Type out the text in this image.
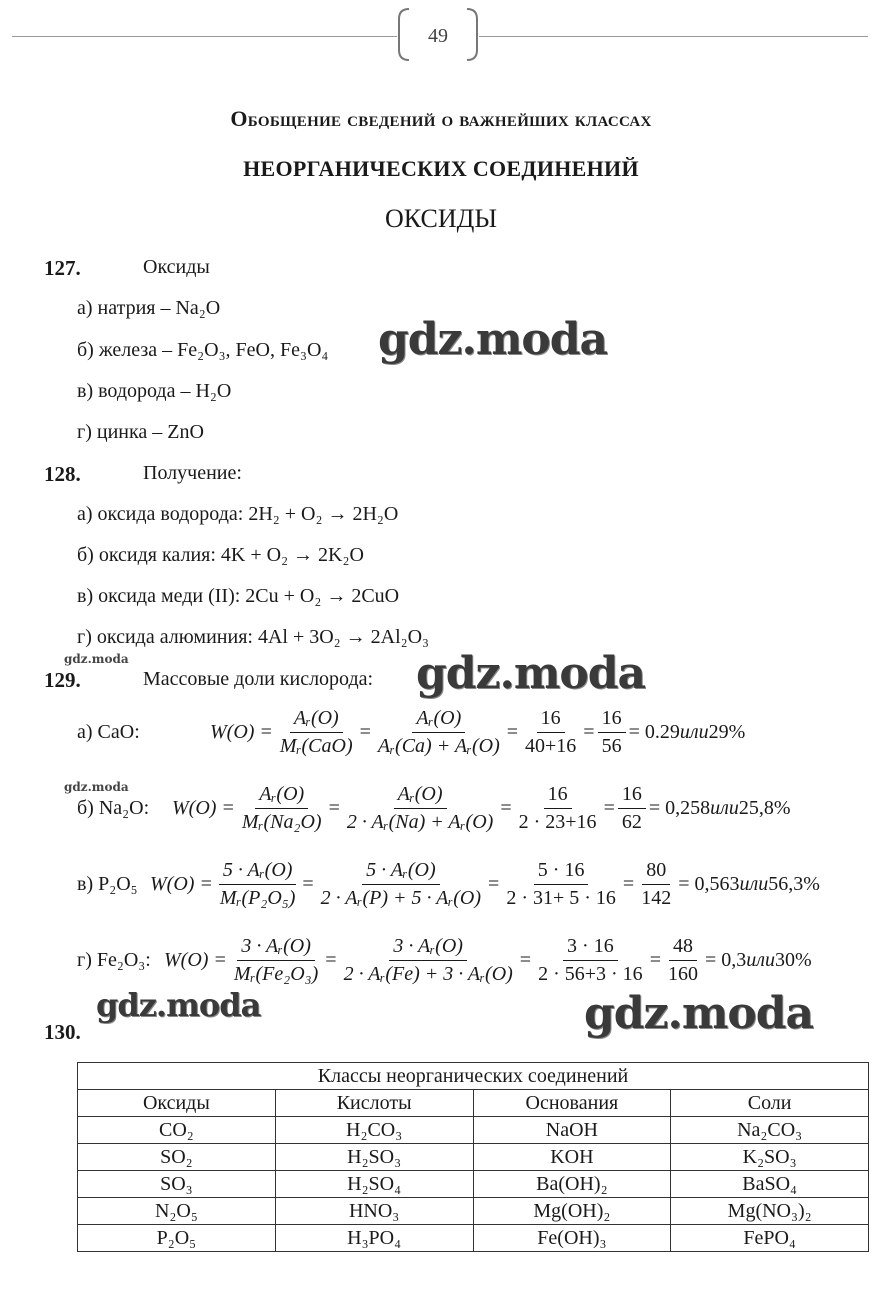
49
Обобщение сведений о важнейших классах
НЕОРГАНИЧЕСКИХ СОЕДИНЕНИЙ
ОКСИДЫ
127.	Оксиды
а) натрия – Na₂O
б) железа – Fe₂O₃, FeO, Fe₃O₄
в) водорода – H₂O
г) цинка – ZnO
gdz.moda
128.	Получение:
а) оксида водорода: 2H₂ + O₂ → 2H₂O
б) оксидя калия: 4K + O₂ → 2K₂O
в) оксида меди (II): 2Cu + O₂ → 2CuO
г) оксида алюминия: 4Al + 3O₂ → 2Al₂O₃
gdz.moda
129.	Массовые доли кислорода: gdz.moda
а) CaO:	$W(O) = \frac{\text{Aᵣ(O)}}{\text{Mᵣ(CaO)}} = \frac{\text{Aᵣ(O)}}{\text{Aᵣ(Ca) + Aᵣ(O)}} = \frac{16}{40+16} = \frac{16}{56} = 0.29$ или 29%
gdz.moda
б) Na₂O: $W(O) = \frac{\text{Aᵣ(O)}}{\text{Mᵣ(Na₂O)}} = \frac{\text{Aᵣ(O)}}{\text{2 · Aᵣ(Na) + Aᵣ(O)}} = \frac{16}{2 \cdot 23+16} = \frac{16}{62} = 0,258$ или 25,8%
в) P₂O₅ $W(O) = \frac{\text{5 · Aᵣ(O)}}{\text{Mᵣ(P₂O₅)}} = \frac{\text{5 · Aᵣ(O)}}{\text{2 · Aᵣ(P) + 5 · Aᵣ(O)}} = \frac{5 \cdot 16}{2 \cdot 31+ 5 \cdot 16} = \frac{80}{142} = 0,563$ или 56,3%
г) Fe₂O₃: $W(O) = \frac{\text{3 · Aᵣ(O)}}{\text{Mᵣ(Fe₂O₃)}} = \frac{\text{3 · Aᵣ(O)}}{\text{2 · Aᵣ(Fe) + 3 · Aᵣ(O)}} = \frac{3 \cdot 16}{2 \cdot 56+3 \cdot 16} = \frac{48}{160} = 0,3$ или 30%
gdz.moda	gdz.moda
130.
Классы неорганических соединений			
Оксиды	Кислоты	Основания	Соли
CO₂	H₂CO₃	NaOH	Na₂CO₃
SO₂	H₂SO₃	KOH	K₂SO₃
SO₃	H₂SO₄	Ba(OH)₂	BaSO₄
N₂O₅	HNO₃	Mg(OH)₂	Mg(NO₃)₂
P₂O₅	H₃PO₄	Fe(OH)₃	FePO₄
